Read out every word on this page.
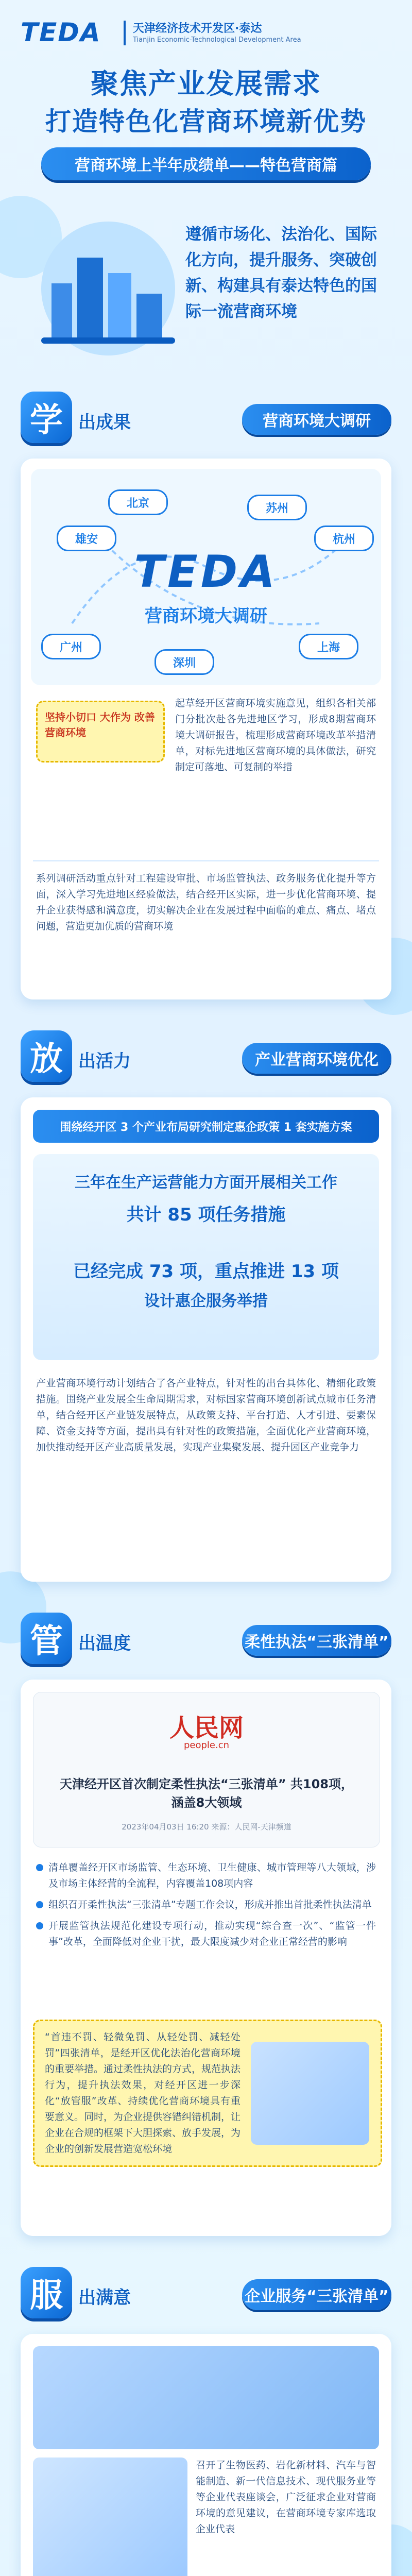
TEDA	天津经济技术开发区·泰达
Tianjin Economic-Technological Development Area
聚焦产业发展需求
打造特色化营商环境新优势
营商环境上半年成绩单——特色营商篇
遵循市场化、法治化、国际化方向，提升服务、突破创新、构建具有泰达特色的国际一流营商环境
学 出成果	营商环境大调研
TEDA
营商环境大调研
北京
雄安
广州
深圳
上海
苏州
杭州
坚持小切口 大作为 改善营商环境
起草经开区营商环境实施意见，组织各相关部门分批次赴各先进地区学习，形成8期营商环境大调研报告，梳理形成营商环境改革举措清单，对标先进地区营商环境的具体做法，研究制定可落地、可复制的举措
系列调研活动重点针对工程建设审批、市场监管执法、政务服务优化提升等方面，深入学习先进地区经验做法，结合经开区实际，进一步优化营商环境、提升企业获得感和满意度，切实解决企业在发展过程中面临的难点、痛点、堵点问题，营造更加优质的营商环境
放 出活力	产业营商环境优化
围绕经开区 3 个产业布局研究制定惠企政策 1 套实施方案
三年在生产运营能力方面开展相关工作
共计 85 项任务措施
已经完成 73 项，重点推进 13 项
设计惠企服务举措
产业营商环境行动计划结合了各产业特点，针对性的出台具体化、精细化政策措施。围绕产业发展全生命周期需求，对标国家营商环境创新试点城市任务清单，结合经开区产业链发展特点，从政策支持、平台打造、人才引进、要素保障、资金支持等方面，提出具有针对性的政策措施，全面优化产业营商环境，加快推动经开区产业高质量发展，实现产业集聚发展、提升园区产业竞争力
管 出温度	柔性执法“三张清单”
人民网
people.cn
天津经开区首次制定柔性执法“三张清单” 共108项，涵盖8大领域
2023年04月03日 16:20 来源：人民网-天津频道
清单覆盖经开区市场监管、生态环境、卫生健康、城市管理等八大领域，涉及市场主体经营的全流程，内容覆盖108项内容
组织召开柔性执法“三张清单”专题工作会议，形成并推出首批柔性执法清单
开展监管执法规范化建设专项行动，推动实现“综合查一次”、“监管一件事”改革，全面降低对企业干扰，最大限度减少对企业正常经营的影响
“首违不罚、轻微免罚、从轻处罚、减轻处罚”四张清单，是经开区优化法治化营商环境的重要举措。通过柔性执法的方式，规范执法行为，提升执法效果，对经开区进一步深化“放管服”改革、持续优化营商环境具有重要意义。同时，为企业提供容错纠错机制，让企业在合规的框架下大胆探索、放手发展，为企业的创新发展营造宽松环境
服 出满意	企业服务“三张清单”
召开了生物医药、岩化新材料、汽车与智能制造、新一代信息技术、现代服务业等等企业代表座谈会，广泛征求企业对营商环境的意见建议，在营商环境专家库选取企业代表
